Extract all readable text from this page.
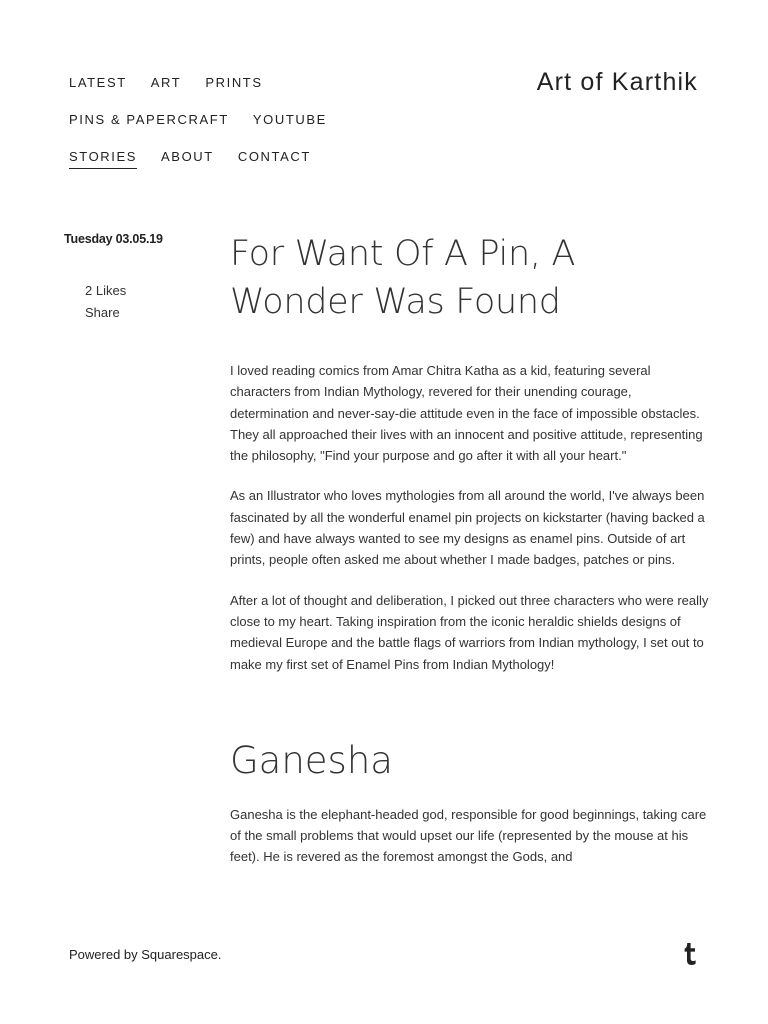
LATEST ART PRINTS
PINS & PAPERCRAFT YOUTUBE
STORIES ABOUT CONTACT
Art of Karthik
Tuesday 03.05.19
2 Likes
Share
For Want Of A Pin, A Wonder Was Found

I loved reading comics from Amar Chitra Katha as a kid, featuring several characters from Indian Mythology, revered for their unending courage, determination and never-say-die attitude even in the face of impossible obstacles. They all approached their lives with an innocent and positive attitude, representing the philosophy, "Find your purpose and go after it with all your heart."

As an Illustrator who loves mythologies from all around the world, I've always been fascinated by all the wonderful enamel pin projects on kickstarter (having backed a few) and have always wanted to see my designs as enamel pins. Outside of art prints, people often asked me about whether I made badges, patches or pins.

After a lot of thought and deliberation, I picked out three characters who were really close to my heart. Taking inspiration from the iconic heraldic shields designs of medieval Europe and the battle flags of warriors from Indian mythology, I set out to make my first set of Enamel Pins from Indian Mythology!

Ganesha

Ganesha is the elephant-headed god, responsible for good beginnings, taking care of the small problems that would upset our life (represented by the mouse at his feet). He is revered as the foremost amongst the Gods, and

Powered by Squarespace.
